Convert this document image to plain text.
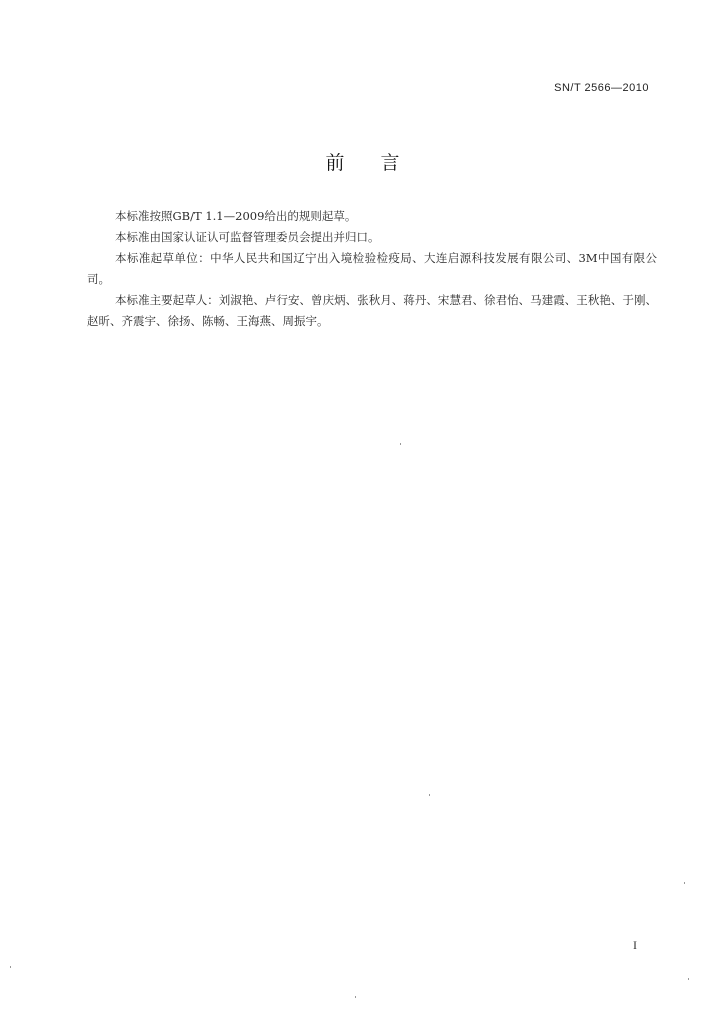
SN/T 2566—2010
前言

本标准按照GB/T 1.1—2009给出的规则起草。

本标准由国家认证认可监督管理委员会提出并归口。

本标准起草单位：中华人民共和国辽宁出入境检验检疫局、大连启源科技发展有限公司、3M中国有限公司。

本标准主要起草人：刘淑艳、卢行安、曾庆炳、张秋月、蒋丹、宋慧君、徐君怡、马建霞、王秋艳、于刚、赵昕、齐震宇、徐扬、陈畅、王海燕、周振宇。

I
